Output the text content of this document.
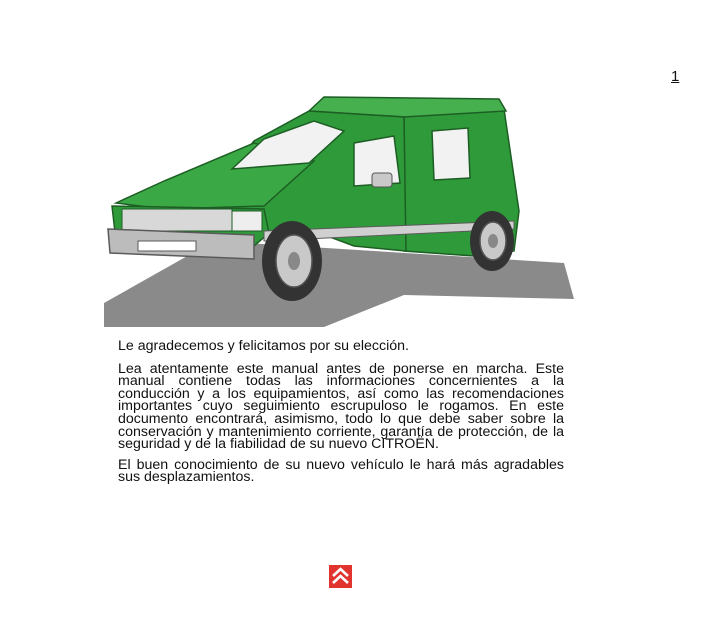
1

Le agradecemos y felicitamos por su elección.

Lea atentamente este manual antes de ponerse en marcha. Este manual contiene todas las informaciones concernientes a la conducción y a los equipamientos, así como las recomendaciones importantes cuyo seguimiento escrupuloso le rogamos. En este documento encontrará, asimismo, todo lo que debe saber sobre la conservación y mantenimiento corriente, garantía de protección, de la seguridad y de la fiabilidad de su nuevo CITROËN.

El buen conocimiento de su nuevo vehículo le hará más agradables sus desplazamientos.
